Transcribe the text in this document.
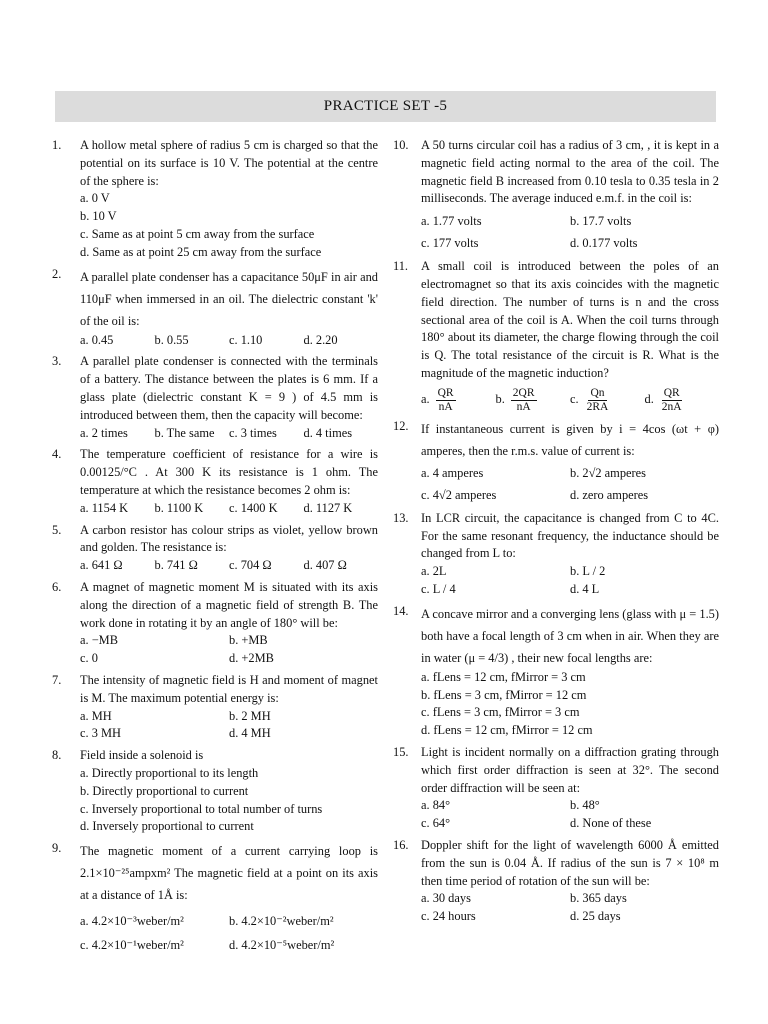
PRACTICE SET -5
1. A hollow metal sphere of radius 5 cm is charged so that the potential on its surface is 10 V. The potential at the centre of the sphere is:
a. 0 V
b. 10 V
c. Same as at point 5 cm away from the surface
d. Same as at point 25 cm away from the surface
2. A parallel plate condenser has a capacitance 50μF in air and 110μF when immersed in an oil. The dielectric constant 'k' of the oil is:
a. 0.45	b. 0.55	c. 1.10	d. 2.20
3. A parallel plate condenser is connected with the terminals of a battery. The distance between the plates is 6 mm. If a glass plate (dielectric constant K = 9 ) of 4.5 mm is introduced between them, then the capacity will become:
a. 2 times	b. The same	c. 3 times	d. 4 times
4. The temperature coefficient of resistance for a wire is 0.00125/°C . At 300 K its resistance is 1 ohm. The temperature at which the resistance becomes 2 ohm is:
a. 1154 K	b. 1100 K	c. 1400 K	d. 1127 K
5. A carbon resistor has colour strips as violet, yellow brown and golden. The resistance is:
a. 641 Ω	b. 741 Ω	c. 704 Ω	d. 407 Ω
6. A magnet of magnetic moment M is situated with its axis along the direction of a magnetic field of strength B. The work done in rotating it by an angle of 180° will be:
a. −MB	b. +MB
c. 0	d. +2MB
7. The intensity of magnetic field is H and moment of magnet is M. The maximum potential energy is:
a. MH	b. 2 MH
c. 3 MH	d. 4 MH
8. Field inside a solenoid is
a. Directly proportional to its length
b. Directly proportional to current
c. Inversely proportional to total number of turns
d. Inversely proportional to current
9. The magnetic moment of a current carrying loop is 2.1×10⁻²⁵ampxm² The magnetic field at a point on its axis at a distance of 1Å is:
a. 4.2×10⁻³weber/m²	b. 4.2×10⁻²weber/m²
c. 4.2×10⁻¹weber/m²	d. 4.2×10⁻⁵weber/m²
10. A 50 turns circular coil has a radius of 3 cm, , it is kept in a magnetic field acting normal to the area of the coil. The magnetic field B increased from 0.10 tesla to 0.35 tesla in 2 milliseconds. The average induced e.m.f. in the coil is:
a. 1.77 volts	b. 17.7 volts
c. 177 volts	d. 0.177 volts
11. A small coil is introduced between the poles of an electromagnet so that its axis coincides with the magnetic field direction. The number of turns is n and the cross sectional area of the coil is A. When the coil turns through 180° about its diameter, the charge flowing through the coil is Q. The total resistance of the circuit is R. What is the magnitude of the magnetic induction?
a. $\frac{QR}{nA}$	b. $\frac{2QR}{nA}$	c. $\frac{Qn}{2RA}$	d. $\frac{QR}{2nA}$
12. If instantaneous current is given by i = 4cos (ωt + φ) amperes, then the r.m.s. value of current is:
a. 4 amperes	b. 2√2 amperes
c. 4√2 amperes	d. zero amperes
13. In LCR circuit, the capacitance is changed from C to 4C. For the same resonant frequency, the inductance should be changed from L to:
a. 2L	b. L / 2
c. L / 4	d. 4 L
14. A concave mirror and a converging lens (glass with μ = 1.5) both have a focal length of 3 cm when in air. When they are in water (μ = 4/3) , their new focal lengths are:
a. fLens = 12 cm, fMirror = 3 cm
b. fLens = 3 cm, fMirror = 12 cm
c. fLens = 3 cm, fMirror = 3 cm
d. fLens = 12 cm, fMirror = 12 cm
15. Light is incident normally on a diffraction grating through which first order diffraction is seen at 32°. The second order diffraction will be seen at:
a. 84°	b. 48°
c. 64°	d. None of these
16. Doppler shift for the light of wavelength 6000 Å emitted from the sun is 0.04 Å. If radius of the sun is 7 × 10⁸ m then time period of rotation of the sun will be:
a. 30 days	b. 365 days
c. 24 hours	d. 25 days
